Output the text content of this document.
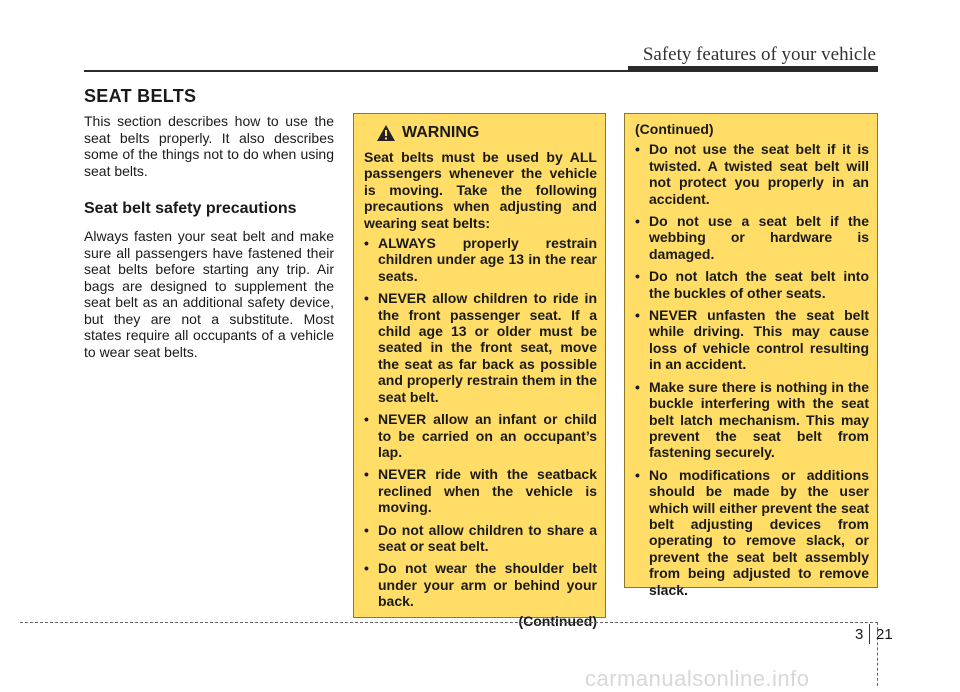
Safety features of your vehicle
SEAT BELTS
This section describes how to use the seat belts properly. It also describes some of the things not to do when using seat belts.
Seat belt safety precautions
Always fasten your seat belt and make sure all passengers have fastened their seat belts before starting any trip. Air bags are designed to supplement the seat belt as an additional safety device, but they are not a substitute. Most states require all occupants of a vehicle to wear seat belts.
WARNING

Seat belts must be used by ALL passengers whenever the vehicle is moving. Take the following precautions when adjusting and wearing seat belts:

• ALWAYS properly restrain children under age 13 in the rear seats.
• NEVER allow children to ride in the front passenger seat. If a child age 13 or older must be seated in the front seat, move the seat as far back as possible and properly restrain them in the seat belt.
• NEVER allow an infant or child to be carried on an occupant’s lap.
• NEVER ride with the seatback reclined when the vehicle is moving.
• Do not allow children to share a seat or seat belt.
• Do not wear the shoulder belt under your arm or behind your back.
(Continued)
(Continued)
• Do not use the seat belt if it is twisted. A twisted seat belt will not protect you properly in an accident.
• Do not use a seat belt if the webbing or hardware is damaged.
• Do not latch the seat belt into the buckles of other seats.
• NEVER unfasten the seat belt while driving. This may cause loss of vehicle control resulting in an accident.
• Make sure there is nothing in the buckle interfering with the seat belt latch mechanism. This may prevent the seat belt from fastening securely.
• No modifications or additions should be made by the user which will either prevent the seat belt adjusting devices from operating to remove slack, or prevent the seat belt assembly from being adjusted to remove slack.
3 21
carmanualsonline.info
